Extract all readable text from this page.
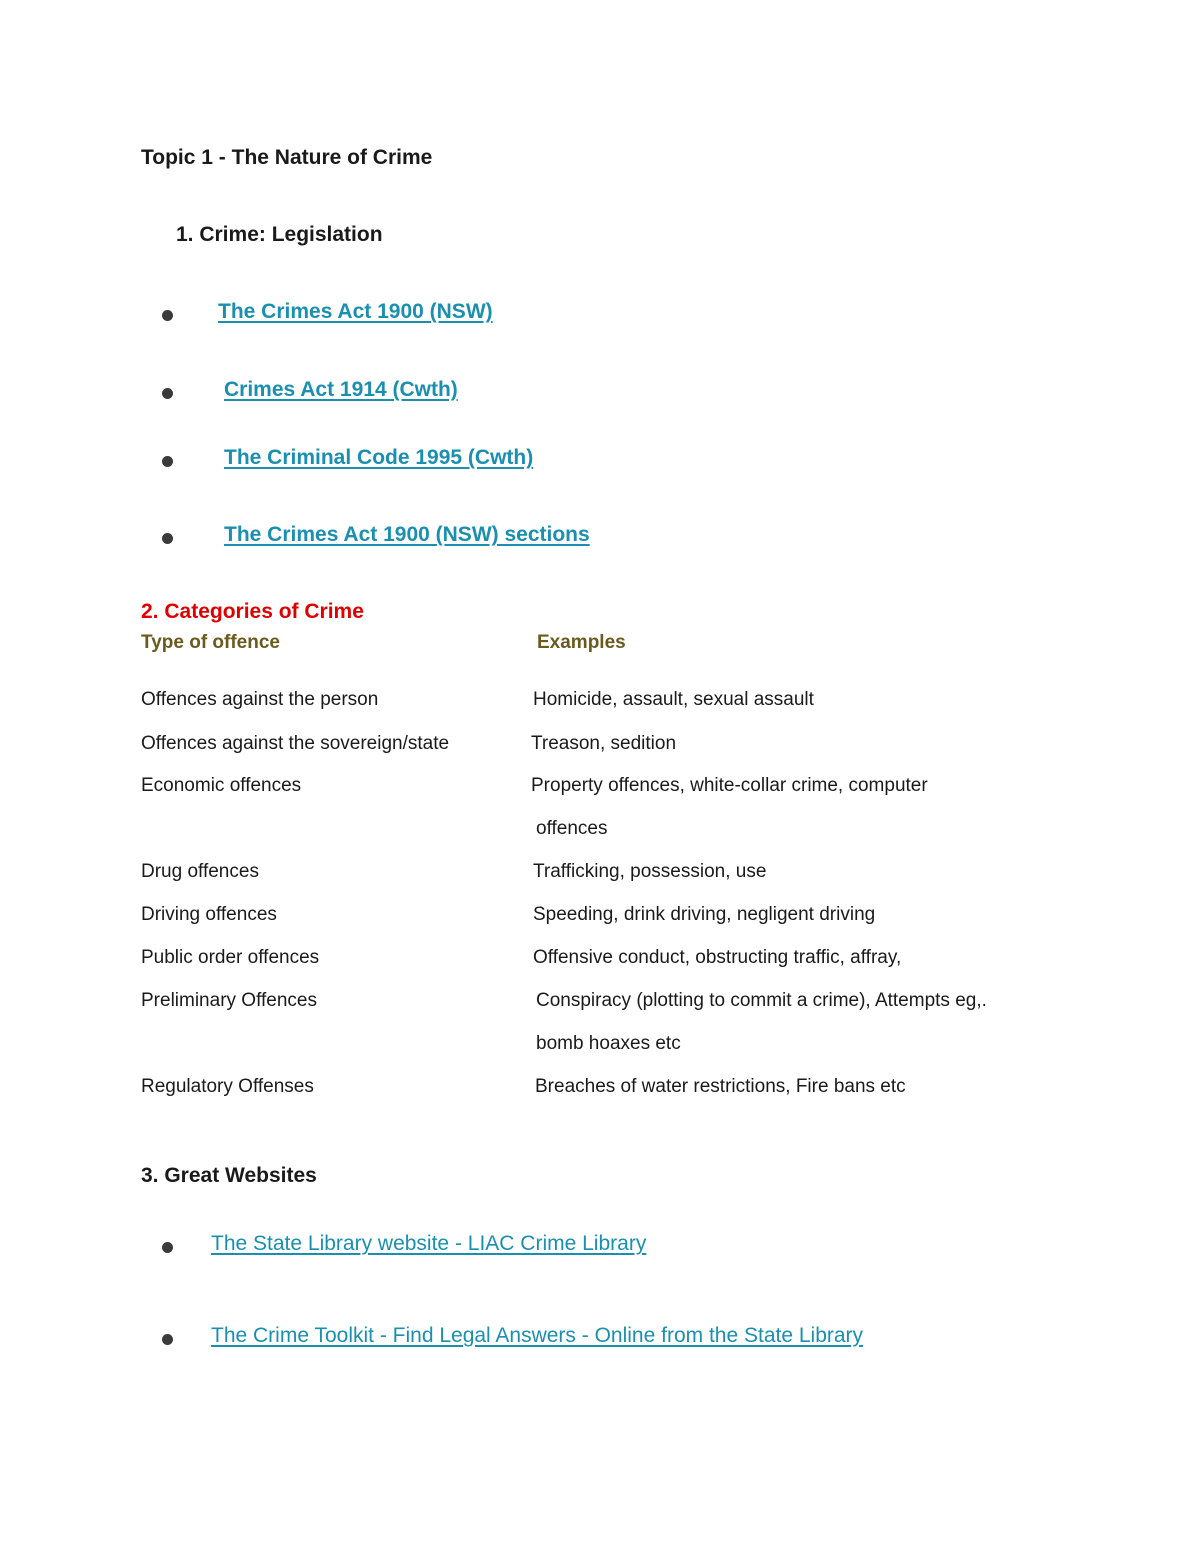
Topic 1 - The Nature of Crime
1. Crime: Legislation
The Crimes Act 1900 (NSW)
Crimes Act 1914 (Cwth)
The Criminal Code 1995 (Cwth)
The Crimes Act 1900 (NSW) sections
2. Categories of Crime
Type of offence	Examples
Offences against the person	Homicide, assault, sexual assault
Offences against the sovereign/state	Treason, sedition
Economic offences	Property offences, white-collar crime, computer
offences
Drug offences	Trafficking, possession, use
Driving offences	Speeding, drink driving, negligent driving
Public order offences	Offensive conduct, obstructing traffic, affray,
Preliminary Offences	Conspiracy (plotting to commit a crime), Attempts eg,.
bomb hoaxes etc
Regulatory Offenses	Breaches of water restrictions, Fire bans etc
3. Great Websites
The State Library website - LIAC Crime Library
The Crime Toolkit - Find Legal Answers - Online from the State Library
